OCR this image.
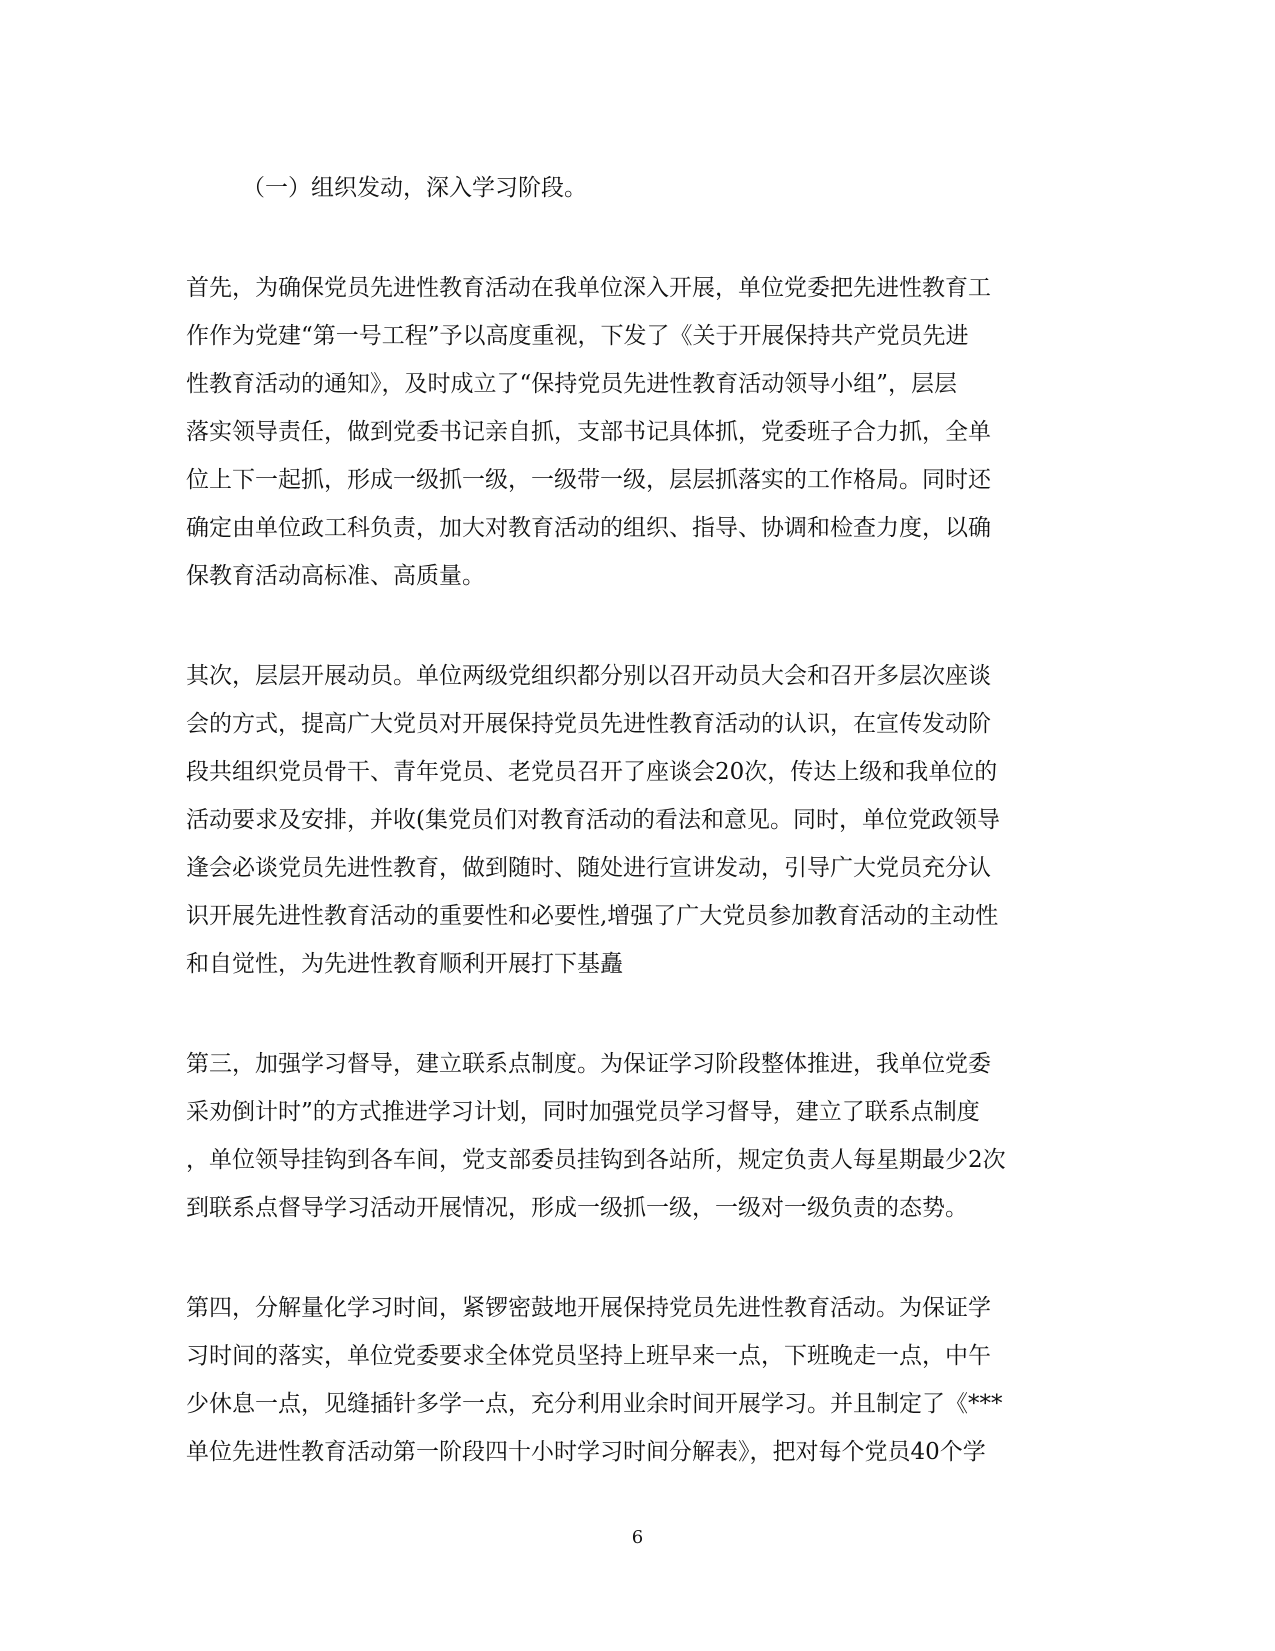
（一）组织发动，深入学习阶段。
首先，为确保党员先进性教育活动在我单位深入开展，单位党委把先进性教育工
作作为党建“第一号工程”予以高度重视，下发了《关于开展保持共产党员先进
性教育活动的通知》，及时成立了“保持党员先进性教育活动领导小组”，层层
落实领导责任，做到党委书记亲自抓，支部书记具体抓，党委班子合力抓，全单
位上下一起抓，形成一级抓一级，一级带一级，层层抓落实的工作格局。同时还
确定由单位政工科负责，加大对教育活动的组织、指导、协调和检查力度，以确
保教育活动高标准、高质量。
其次，层层开展动员。单位两级党组织都分别以召开动员大会和召开多层次座谈
会的方式，提高广大党员对开展保持党员先进性教育活动的认识，在宣传发动阶
段共组织党员骨干、青年党员、老党员召开了座谈会20次，传达上级和我单位的
活动要求及安排，并收(集党员们对教育活动的看法和意见。同时，单位党政领导
逢会必谈党员先进性教育，做到随时、随处进行宣讲发动，引导广大党员充分认
识开展先进性教育活动的重要性和必要性,增强了广大党员参加教育活动的主动性
和自觉性，为先进性教育顺利开展打下基矗
第三，加强学习督导，建立联系点制度。为保证学习阶段整体推进，我单位党委
采劝倒计时”的方式推进学习计划，同时加强党员学习督导，建立了联系点制度
，单位领导挂钩到各车间，党支部委员挂钩到各站所，规定负责人每星期最少2次
到联系点督导学习活动开展情况，形成一级抓一级，一级对一级负责的态势。
第四，分解量化学习时间，紧锣密鼓地开展保持党员先进性教育活动。为保证学
习时间的落实，单位党委要求全体党员坚持上班早来一点，下班晚走一点，中午
少休息一点，见缝插针多学一点，充分利用业余时间开展学习。并且制定了《***
单位先进性教育活动第一阶段四十小时学习时间分解表》，把对每个党员40个学
6
